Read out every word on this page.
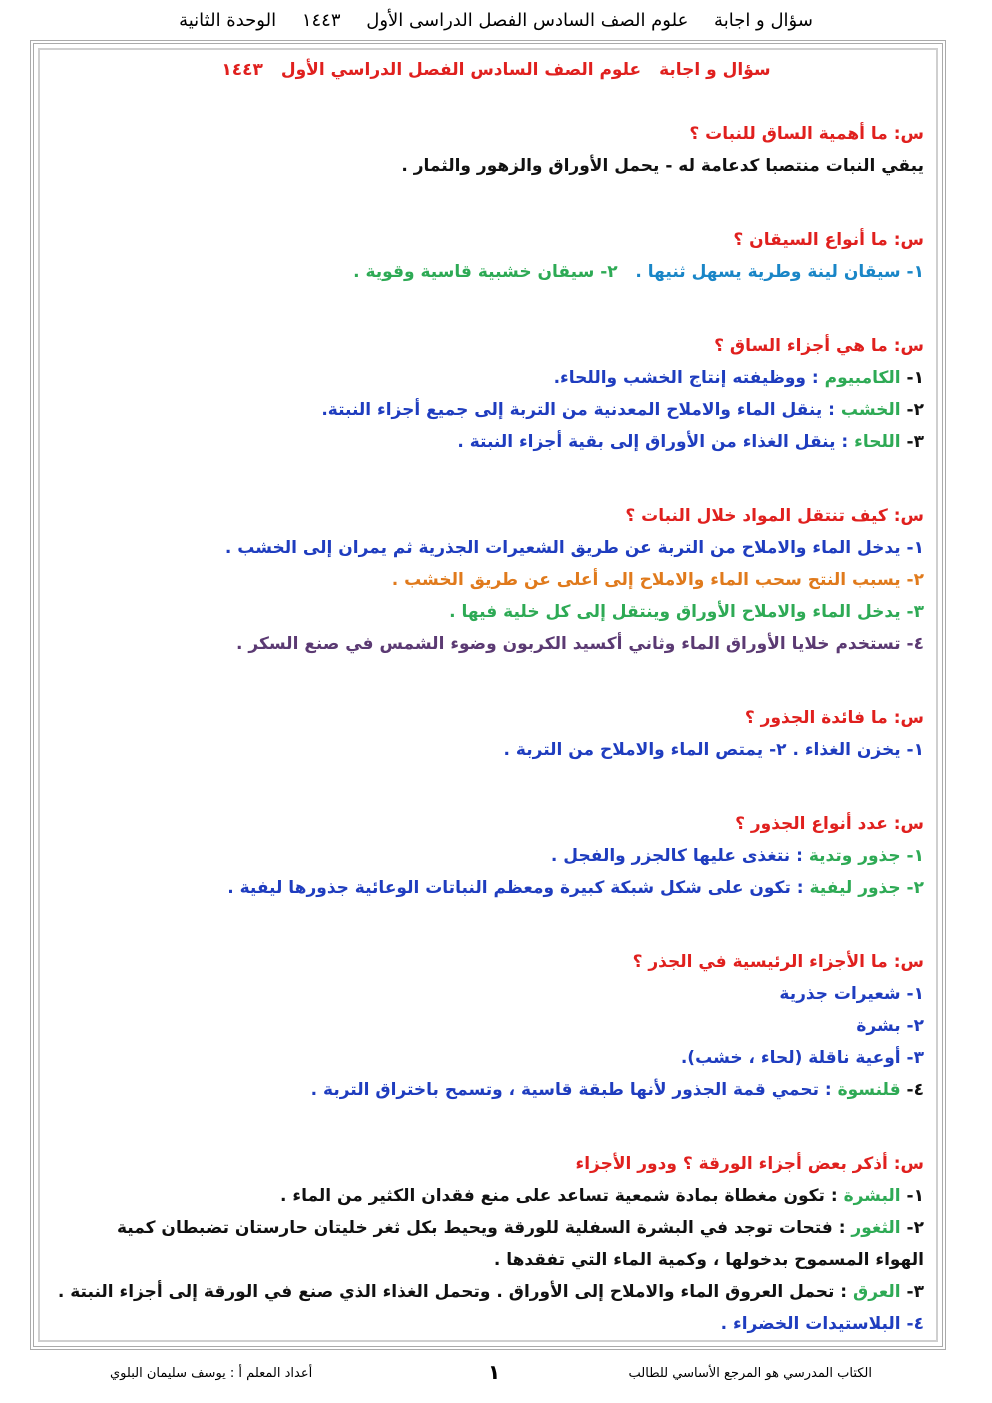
سؤال و اجابة علوم الصف السادس الفصل الدراسى الأول ١٤٤٣ الوحدة الثانية
سؤال و اجابة علوم الصف السادس الفصل الدراسي الأول ١٤٤٣

س: ما أهمية الساق للنبات ؟

يبقي النبات منتصبا كدعامة له - يحمل الأوراق والزهور والثمار .

س: ما أنواع السيقان ؟

١- سيقان لينة وطرية يسهل ثنيها .   ٢- سيقان خشبية قاسية وقوية .

س: ما هي أجزاء الساق ؟

١- الكامبيوم : ووظيفته إنتاج الخشب واللحاء.

٢- الخشب : ينقل الماء والاملاح المعدنية من التربة إلى جميع أجزاء النبتة.

٣- اللحاء : ينقل الغذاء من الأوراق إلى بقية أجزاء النبتة .

س: كيف تنتقل المواد خلال النبات ؟

١- يدخل الماء والاملاح من التربة عن طريق الشعيرات الجذرية ثم يمران إلى الخشب .

٢- يسبب النتح سحب الماء والاملاح إلى أعلى عن طريق الخشب .

٣- يدخل الماء والاملاح الأوراق وينتقل إلى كل خلية فيها .

٤- تستخدم خلايا الأوراق الماء وثاني أكسيد الكربون وضوء الشمس في صنع السكر .

س: ما فائدة الجذور ؟

١- يخزن الغذاء . ٢- يمتص الماء والاملاح من التربة .

س: عدد أنواع الجذور ؟

١- جذور وتدية : نتغذى عليها كالجزر والفجل .

٢- جذور ليفية : تكون على شكل شبكة كبيرة ومعظم النباتات الوعائية جذورها ليفية .

س: ما الأجزاء الرئيسية في الجذر ؟

١- شعيرات جذرية

٢- بشرة

٣- أوعية ناقلة (لحاء ، خشب).

٤- قلنسوة : تحمي قمة الجذور لأنها طبقة قاسية ، وتسمح باختراق التربة .

س: أذكر بعض أجزاء الورقة ؟ ودور الأجزاء

١- البشرة : تكون مغطاة بمادة شمعية تساعد على منع فقدان الكثير من الماء .

٢- الثغور : فتحات توجد في البشرة السفلية للورقة ويحيط بكل ثغر خليتان حارستان تضبطان كمية الهواء المسموح بدخولها ، وكمية الماء التي تفقدها .

٣- العرق : تحمل العروق الماء والاملاح إلى الأوراق . وتحمل الغذاء الذي صنع في الورقة إلى أجزاء النبتة .

٤- البلاستيدات الخضراء .

الكتاب المدرسي هو المرجع الأساسي للطالب
١
أعداد المعلم أ : يوسف سليمان البلوي
